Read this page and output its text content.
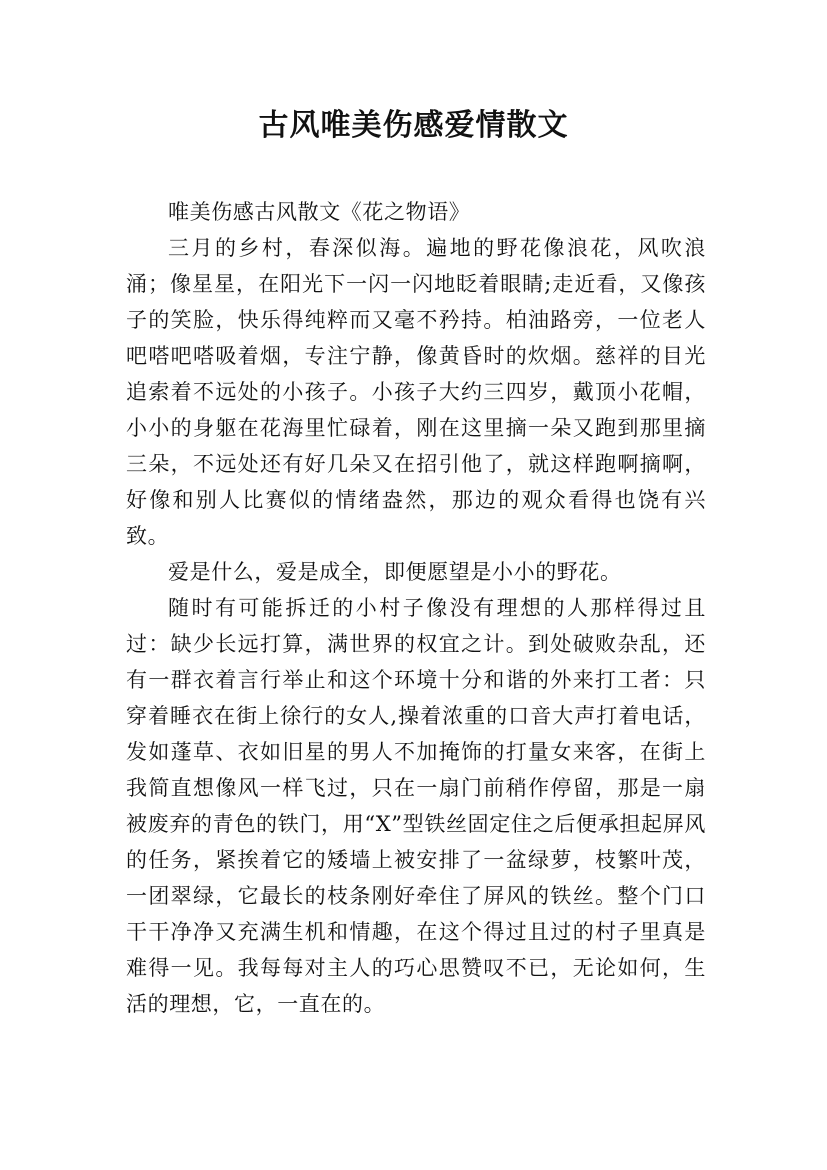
古风唯美伤感爱情散文

唯美伤感古风散文《花之物语》

三月的乡村，春深似海。遍地的野花像浪花，风吹浪涌；像星星，在阳光下一闪一闪地眨着眼睛;走近看，又像孩子的笑脸，快乐得纯粹而又毫不矜持。柏油路旁，一位老人吧嗒吧嗒吸着烟，专注宁静，像黄昏时的炊烟。慈祥的目光追索着不远处的小孩子。小孩子大约三四岁，戴顶小花帽，小小的身躯在花海里忙碌着，刚在这里摘一朵又跑到那里摘三朵，不远处还有好几朵又在招引他了，就这样跑啊摘啊，好像和别人比赛似的情绪盎然，那边的观众看得也饶有兴致。

爱是什么，爱是成全，即便愿望是小小的野花。

随时有可能拆迁的小村子像没有理想的人那样得过且过：缺少长远打算，满世界的权宜之计。到处破败杂乱，还有一群衣着言行举止和这个环境十分和谐的外来打工者：只穿着睡衣在街上徐行的女人,操着浓重的口音大声打着电话，发如蓬草、衣如旧星的男人不加掩饰的打量女来客，在街上我简直想像风一样飞过，只在一扇门前稍作停留，那是一扇被废弃的青色的铁门，用“X”型铁丝固定住之后便承担起屏风的任务，紧挨着它的矮墙上被安排了一盆绿萝，枝繁叶茂，一团翠绿，它最长的枝条刚好牵住了屏风的铁丝。整个门口干干净净又充满生机和情趣，在这个得过且过的村子里真是难得一见。我每每对主人的巧心思赞叹不已，无论如何，生活的理想，它，一直在的。
